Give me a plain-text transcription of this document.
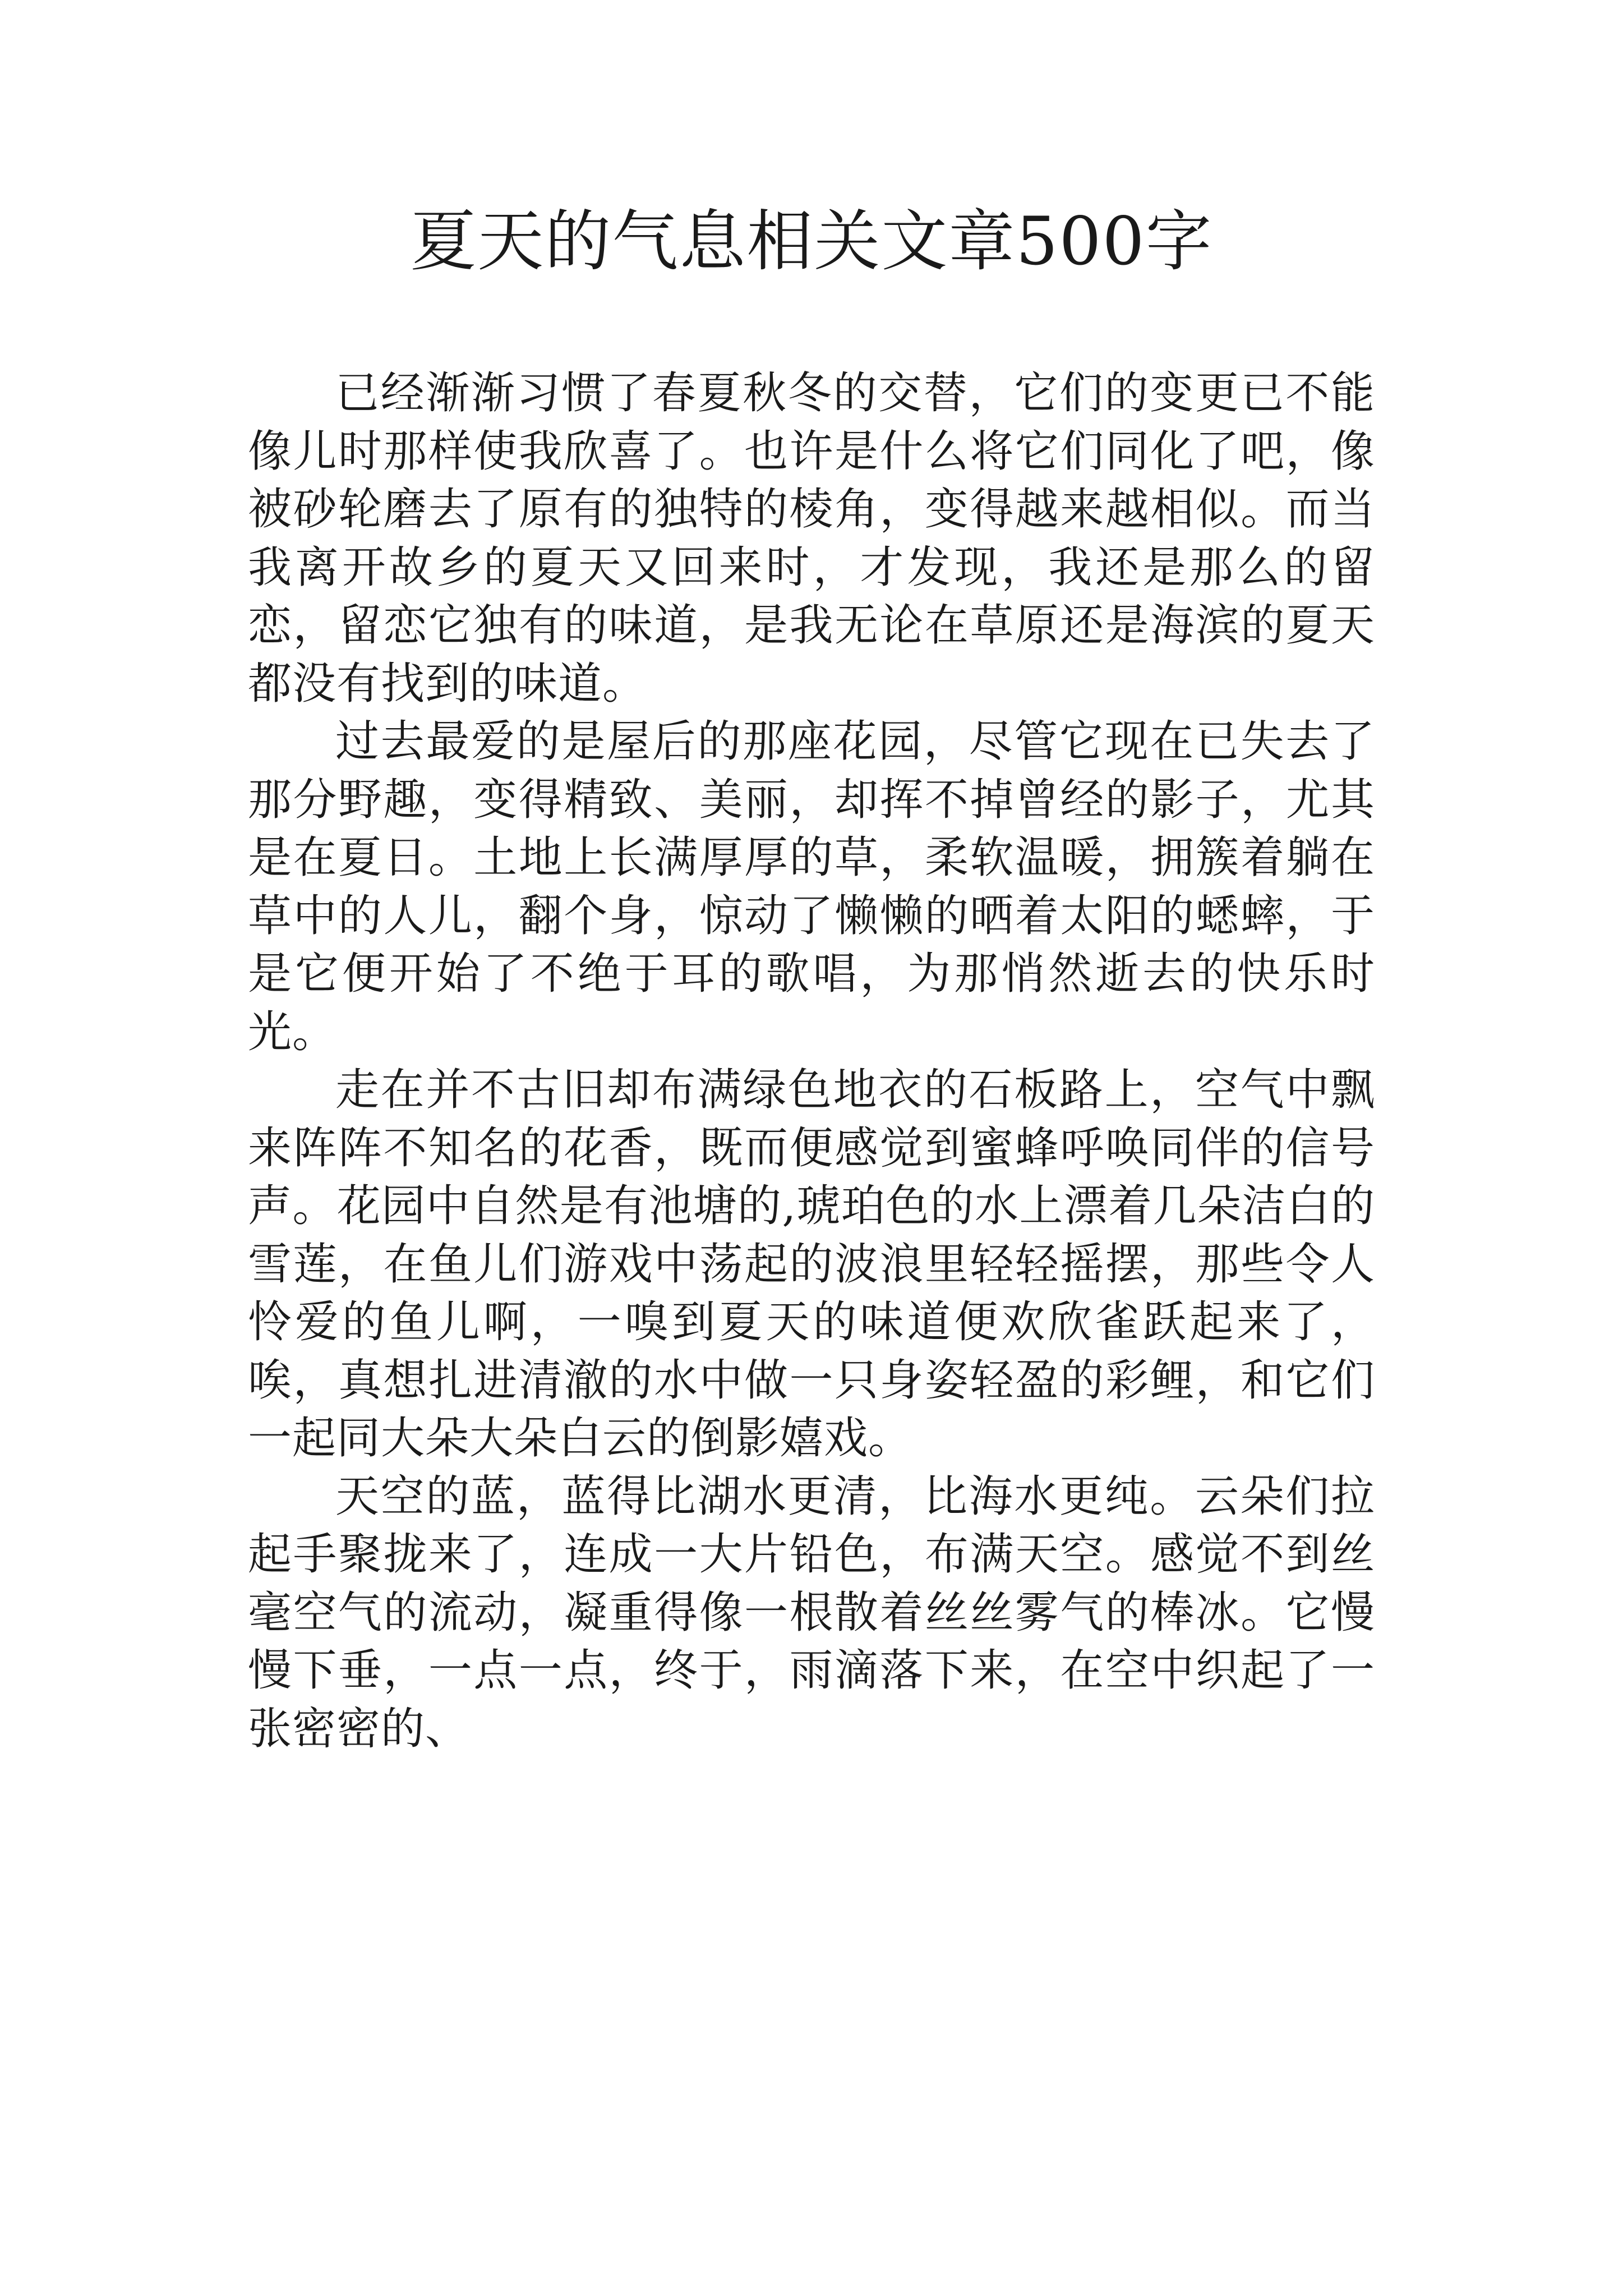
夏天的气息相关文章500字

已经渐渐习惯了春夏秋冬的交替，它们的变更已不能像儿时那样使我欣喜了。也许是什么将它们同化了吧，像被砂轮磨去了原有的独特的棱角，变得越来越相似。而当我离开故乡的夏天又回来时，才发现，我还是那么的留恋，留恋它独有的味道，是我无论在草原还是海滨的夏天都没有找到的味道。

过去最爱的是屋后的那座花园，尽管它现在已失去了那分野趣，变得精致、美丽，却挥不掉曾经的影子，尤其是在夏日。土地上长满厚厚的草，柔软温暖，拥簇着躺在草中的人儿，翻个身，惊动了懒懒的晒着太阳的蟋蟀，于是它便开始了不绝于耳的歌唱，为那悄然逝去的快乐时光。

走在并不古旧却布满绿色地衣的石板路上，空气中飘来阵阵不知名的花香，既而便感觉到蜜蜂呼唤同伴的信号声。花园中自然是有池塘的,琥珀色的水上漂着几朵洁白的雪莲，在鱼儿们游戏中荡起的波浪里轻轻摇摆，那些令人怜爱的鱼儿啊，一嗅到夏天的味道便欢欣雀跃起来了，唉，真想扎进清澈的水中做一只身姿轻盈的彩鲤，和它们一起同大朵大朵白云的倒影嬉戏。

天空的蓝，蓝得比湖水更清，比海水更纯。云朵们拉起手聚拢来了，连成一大片铅色，布满天空。感觉不到丝毫空气的流动，凝重得像一根散着丝丝雾气的棒冰。它慢慢下垂，一点一点，终于，雨滴落下来，在空中织起了一张密密的、
